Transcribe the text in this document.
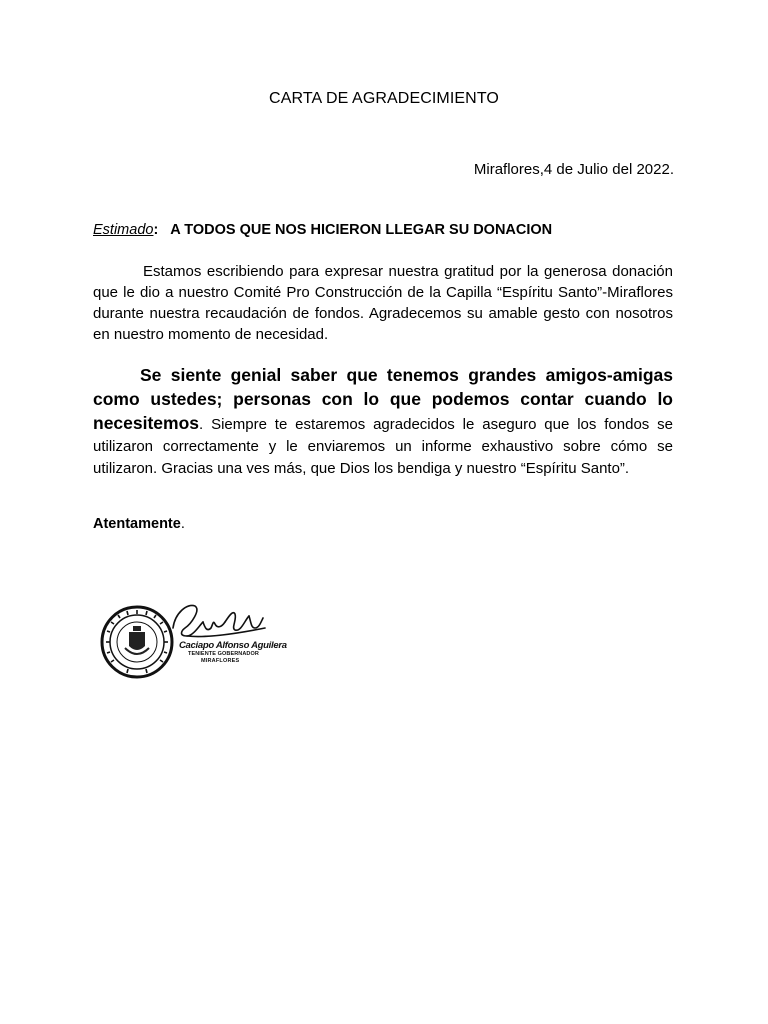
CARTA DE AGRADECIMIENTO
Miraflores,4 de Julio del 2022.
Estimado: A TODOS QUE NOS HICIERON LLEGAR SU DONACION
Estamos escribiendo para expresar nuestra gratitud por la generosa donación que le dio a nuestro Comité Pro Construcción de la Capilla “Espíritu Santo”-Miraflores durante nuestra recaudación de fondos. Agradecemos su amable gesto con nosotros en nuestro momento de necesidad.
Se siente genial saber que tenemos grandes amigos-amigas como ustedes; personas con lo que podemos contar cuando lo necesitemos. Siempre te estaremos agradecidos le aseguro que los fondos se utilizaron correctamente y le enviaremos un informe exhaustivo sobre cómo se utilizaron. Gracias una ves más, que Dios los bendiga y nuestro “Espíritu Santo”.
Atentamente.
Caciapo Alfonso Aguilera
TENIENTE GOBERNADOR
MIRAFLORES
